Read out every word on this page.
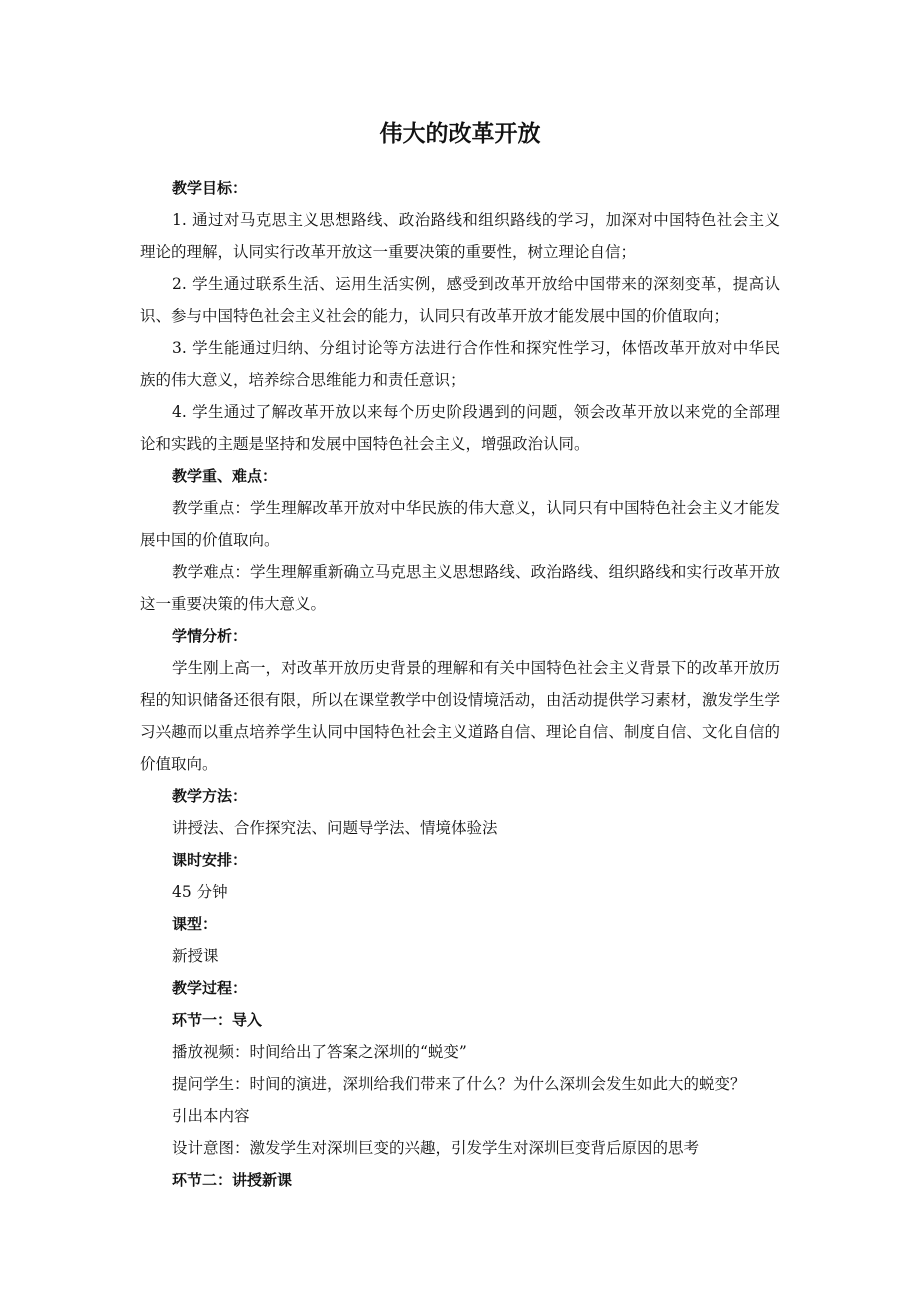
伟大的改革开放
教学目标：

1. 通过对马克思主义思想路线、政治路线和组织路线的学习，加深对中国特色社会主义理论的理解，认同实行改革开放这一重要决策的重要性，树立理论自信；

2. 学生通过联系生活、运用生活实例，感受到改革开放给中国带来的深刻变革，提高认识、参与中国特色社会主义社会的能力，认同只有改革开放才能发展中国的价值取向；

3. 学生能通过归纳、分组讨论等方法进行合作性和探究性学习，体悟改革开放对中华民族的伟大意义，培养综合思维能力和责任意识；

4. 学生通过了解改革开放以来每个历史阶段遇到的问题，领会改革开放以来党的全部理论和实践的主题是坚持和发展中国特色社会主义，增强政治认同。

教学重、难点：

教学重点：学生理解改革开放对中华民族的伟大意义，认同只有中国特色社会主义才能发展中国的价值取向。

教学难点：学生理解重新确立马克思主义思想路线、政治路线、组织路线和实行改革开放这一重要决策的伟大意义。

学情分析：

学生刚上高一，对改革开放历史背景的理解和有关中国特色社会主义背景下的改革开放历程的知识储备还很有限，所以在课堂教学中创设情境活动，由活动提供学习素材，激发学生学习兴趣而以重点培养学生认同中国特色社会主义道路自信、理论自信、制度自信、文化自信的价值取向。

教学方法：

讲授法、合作探究法、问题导学法、情境体验法

课时安排：

45 分钟

课型：

新授课

教学过程：
环节一：导入

播放视频：时间给出了答案之深圳的“蜕变”

提问学生：时间的演进，深圳给我们带来了什么？为什么深圳会发生如此大的蜕变？

引出本内容

设计意图：激发学生对深圳巨变的兴趣，引发学生对深圳巨变背后原因的思考

环节二：讲授新课
